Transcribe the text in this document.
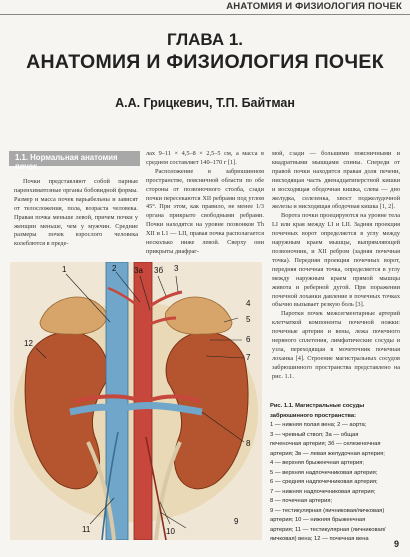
АНАТОМИЯ И ФИЗИОЛОГИЯ ПОЧЕК
ГЛАВА 1.
АНАТОМИЯ И ФИЗИОЛОГИЯ ПОЧЕК
А.А. Грицкевич, Т.П. Байтман
1.1. Нормальная анатомия почек

Почки представляют собой парные паренхиматозные органы бобовидной формы. Размер и масса почек варьабельны и зависят от телосложения, пола, возраста человека. Правая почка меньше левой, причем почки у женщин меньше, чем у мужчин. Средние размеры почек взрослого человека колеблются в преде-

лах 9–11 × 4,5–8 × 2,5–5 см, а масса в среднем составляет 140–170 г [1].

Расположение в забрюшинном пространстве, поясничной области по обе стороны от позвоночного столба, сзади почки пересекаются XII ребрами под углом 45°. При этом, как правило, не менее 1/3 органа прикрыто свободными ребрами. Почки находятся на уровне позвонков Th XII и L1 — LII, правая почка располагается несколько ниже левой. Сверху они прикрыты диафраг-

мой, сзади — большими поясничными и квадратными мышцами спины. Спереди от правой почки находится правая доля печени, нисходящая часть двенадцатиперстной кишки и восходящая ободочная кишка, слева — дно желудка, селезенка, хвост поджелудочной железы и нисходящая ободочная кишка [1, 2].

Ворота почки проецируются на уровне тела LI или края между LI и LII. Задняя проекция почечных ворот определяется в углу между наружным краем мышцы, выпрямляющей позвоночник, и XII ребром (задняя почечная точка). Передняя проекция почечных ворот, передняя почечная точка, определяется в углу между наружным краем прямой мышцы живота и реберной дугой. При поражении почечной лоханки давление в почечных точках обычно вызывает резкую боль [3].

Паротки почек межсегментарные артерий клетчаткой компоненты почечной ножки: почечные артерия и вены, лежа почечного нервного сплетения, лимфатические сосуды и узла, переходящая в мочеточник почечная лоханка [4]. Строение магистральных сосудов забрюшинного пространства представлено на рис. 1.1.

1	2	3
3а 3б
4
5
6
7
8
9
10
11
12
Рис. 1.1. Магистральные сосуды забрюшинного пространства:
1 — нижняя полая вена; 2 — аорта;
3 — чревный ствол; 3а — общая
печеночная артерия; 3б — селезеночная
артерия; 3в — левая желудочная артерия;
4 — верхняя брыжеечная артерия;
5 — верхняя надпочечниковая артерия;
6 — средняя надпочечниковая артерия;
7 — нижняя надпочечниковая артерия;
8 — почечная артерия;
9 — тестикулярная (яичниковая/яичковая)
артерия; 10 — нижняя брыжеечная
артерия; 11 — тестикулярная (яичниковая/
яичковая) вена; 12 — почечная вена	9
